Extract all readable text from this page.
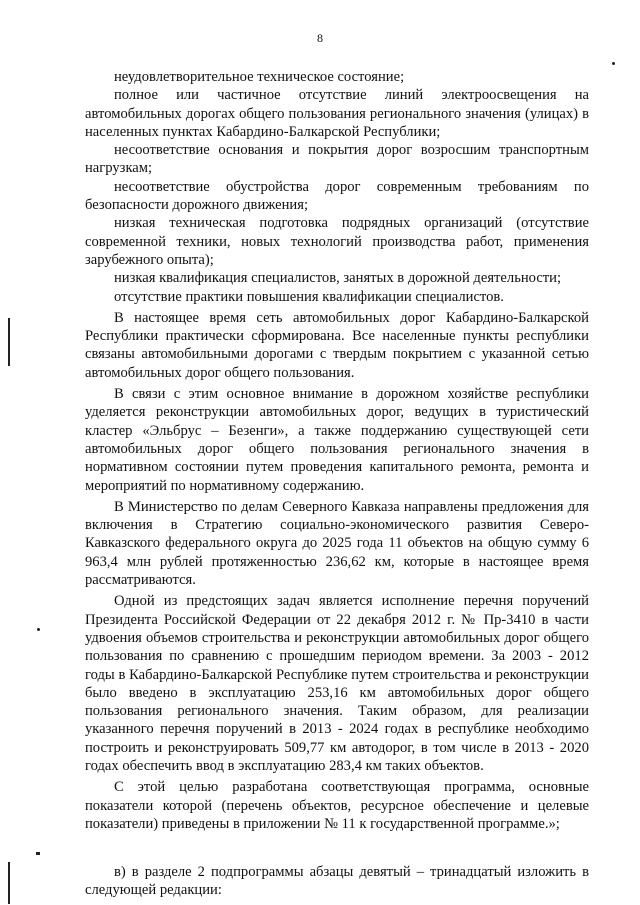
8

неудовлетворительное техническое состояние;

полное или частичное отсутствие линий электроосвещения на автомобильных дорогах общего пользования регионального значения (улицах) в населенных пунктах Кабардино-Балкарской Республики;

несоответствие основания и покрытия дорог возросшим транспортным нагрузкам;

несоответствие обустройства дорог современным требованиям по безопасности дорожного движения;

низкая техническая подготовка подрядных организаций (отсутствие современной техники, новых технологий производства работ, применения зарубежного опыта);

низкая квалификация специалистов, занятых в дорожной деятельности;

отсутствие практики повышения квалификации специалистов.

В настоящее время сеть автомобильных дорог Кабардино-Балкарской Республики практически сформирована. Все населенные пункты республики связаны автомобильными дорогами с твердым покрытием с указанной сетью автомобильных дорог общего пользования.

В связи с этим основное внимание в дорожном хозяйстве республики уделяется реконструкции автомобильных дорог, ведущих в туристический кластер «Эльбрус – Безенги», а также поддержанию существующей сети автомобильных дорог общего пользования регионального значения в нормативном состоянии путем проведения капитального ремонта, ремонта и мероприятий по нормативному содержанию.

В Министерство по делам Северного Кавказа направлены предложения для включения в Стратегию социально-экономического развития Северо-Кавказского федерального округа до 2025 года 11 объектов на общую сумму 6 963,4 млн рублей протяженностью 236,62 км, которые в настоящее время рассматриваются.

Одной из предстоящих задач является исполнение перечня поручений Президента Российской Федерации от 22 декабря 2012 г. № Пр-3410 в части удвоения объемов строительства и реконструкции автомобильных дорог общего пользования по сравнению с прошедшим периодом времени. За 2003 - 2012 годы в Кабардино-Балкарской Республике путем строительства и реконструкции было введено в эксплуатацию 253,16 км автомобильных дорог общего пользования регионального значения. Таким образом, для реализации указанного перечня поручений в 2013 - 2024 годах в республике необходимо построить и реконструировать 509,77 км автодорог, в том числе в 2013 - 2020 годах обеспечить ввод в эксплуатацию 283,4 км таких объектов.

С этой целью разработана соответствующая программа, основные показатели которой (перечень объектов, ресурсное обеспечение и целевые показатели) приведены в приложении № 11 к государственной программе.»;

в) в разделе 2 подпрограммы абзацы девятый – тринадцатый изложить в следующей редакции:
